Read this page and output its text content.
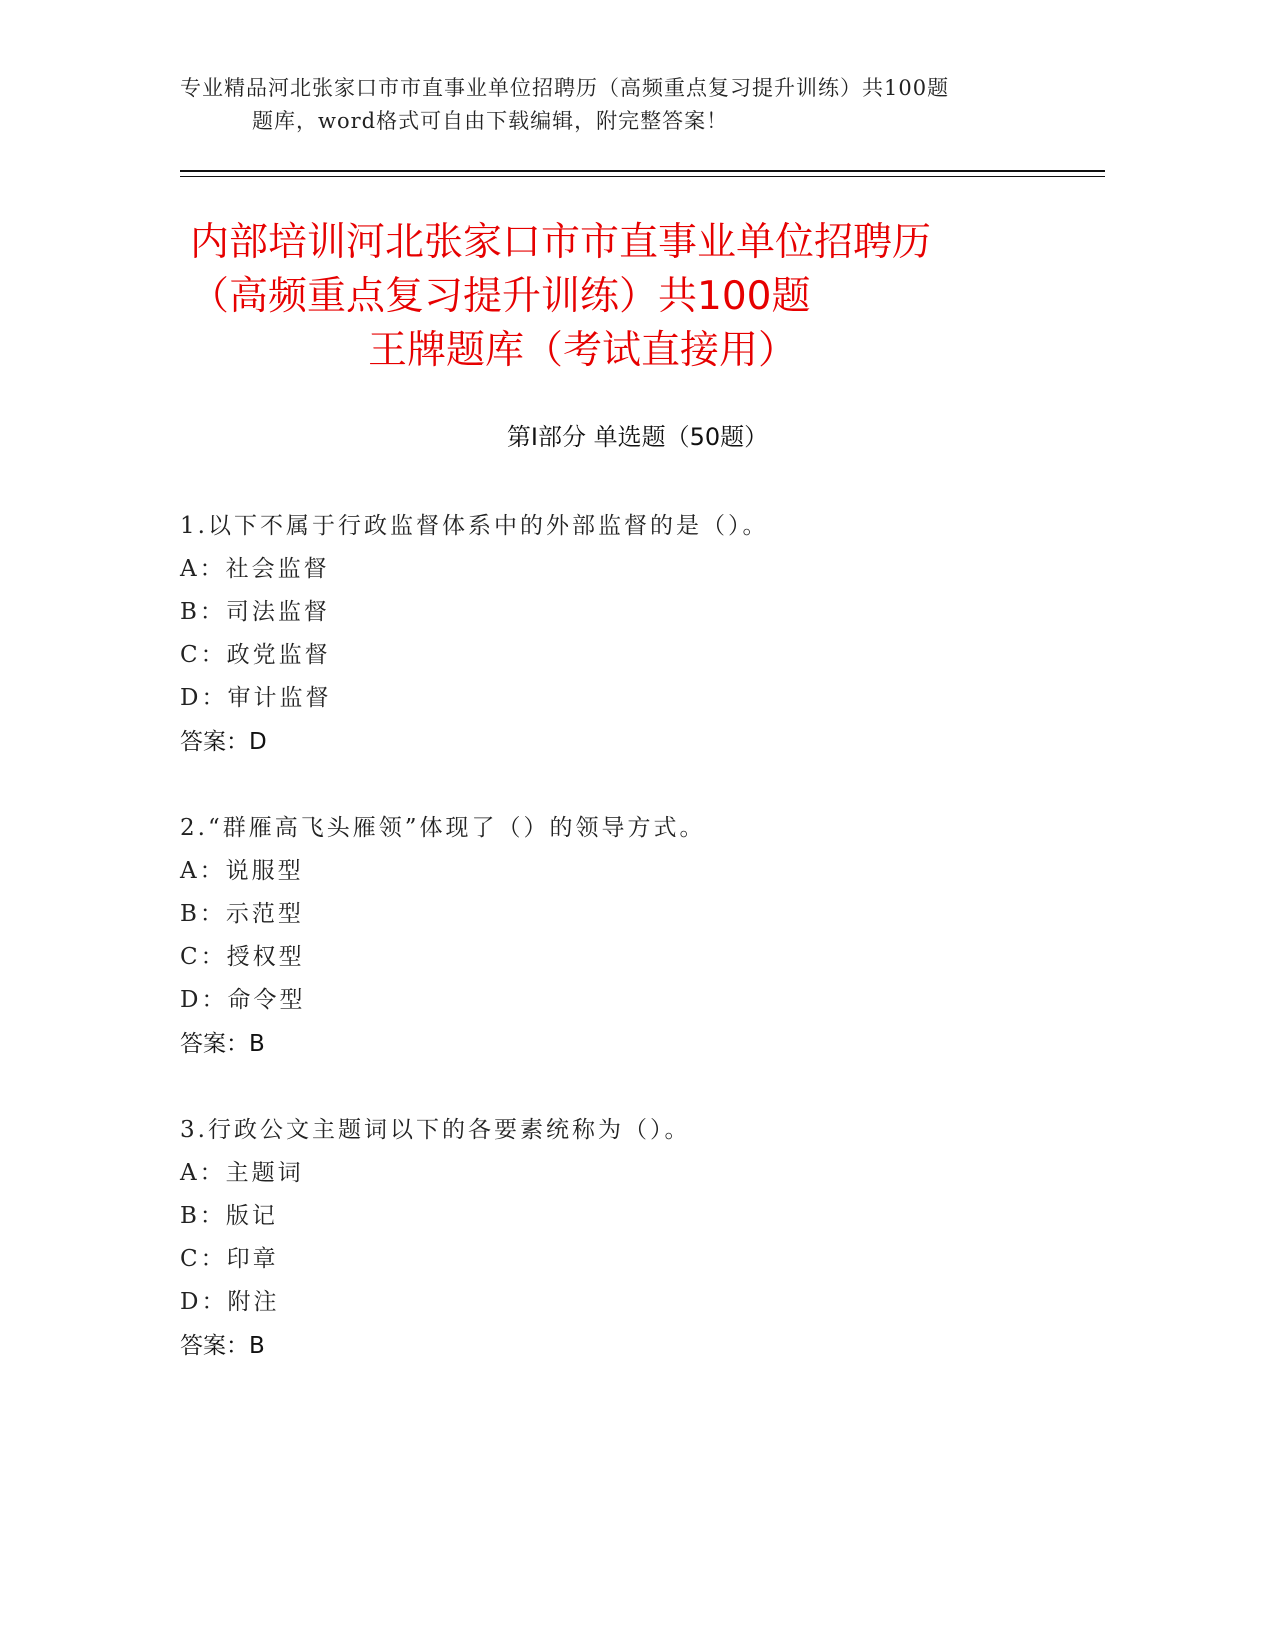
专业精品河北张家口市市直事业单位招聘历（高频重点复习提升训练）共100题
题库，word格式可自由下载编辑，附完整答案！
内部培训河北张家口市市直事业单位招聘历
（高频重点复习提升训练）共100题
王牌题库（考试直接用）
第Ⅰ部分 单选题（50题）
1.以下不属于行政监督体系中的外部监督的是（）。
A：社会监督
B：司法监督
C：政党监督
D：审计监督
答案：D
2.“群雁高飞头雁领”体现了（）的领导方式。
A：说服型
B：示范型
C：授权型
D：命令型
答案：B
3.行政公文主题词以下的各要素统称为（）。
A：主题词
B：版记
C：印章
D：附注
答案：B
